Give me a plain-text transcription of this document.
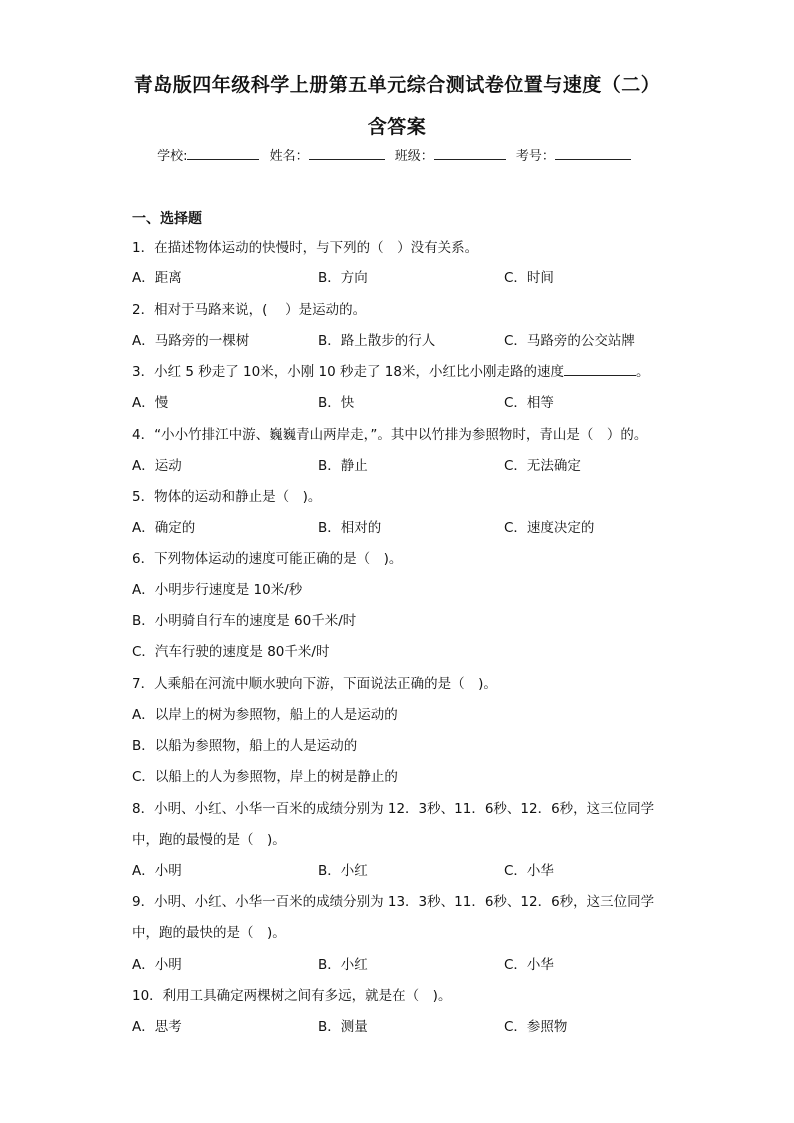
青岛版四年级科学上册第五单元综合测试卷位置与速度（二）
含答案
学校:	姓名：	班级：	考号：
一、选择题
1．在描述物体运动的快慢时，与下列的（　）没有关系。
A．距离	B．方向	C．时间
2．相对于马路来说，(　 ）是运动的。
A．马路旁的一棵树	B．路上散步的行人	C．马路旁的公交站牌
3．小红 5 秒走了 10米，小刚 10 秒走了 18米，小红比小刚走路的速度	。
A．慢	B．快	C．相等
4．“小小竹排江中游、巍巍青山两岸走，”。其中以竹排为参照物时，青山是（　）的。
A．运动	B．静止	C．无法确定
5．物体的运动和静止是（　)。
A．确定的	B．相对的	C．速度决定的
6．下列物体运动的速度可能正确的是（　)。
A．小明步行速度是 10米/秒
B．小明骑自行车的速度是 60千米/时
C．汽车行驶的速度是 80千米/时
7．人乘船在河流中顺水驶向下游，下面说法正确的是（　)。
A．以岸上的树为参照物，船上的人是运动的
B．以船为参照物，船上的人是运动的
C．以船上的人为参照物，岸上的树是静止的
8．小明、小红、小华一百米的成绩分别为 12．3秒、11．6秒、12．6秒，这三位同学
中，跑的最慢的是（　)。
A．小明	B．小红	C．小华
9．小明、小红、小华一百米的成绩分别为 13．3秒、11．6秒、12．6秒，这三位同学
中，跑的最快的是（　)。
A．小明	B．小红	C．小华
10．利用工具确定两棵树之间有多远，就是在（　)。
A．思考	B．测量	C．参照物
